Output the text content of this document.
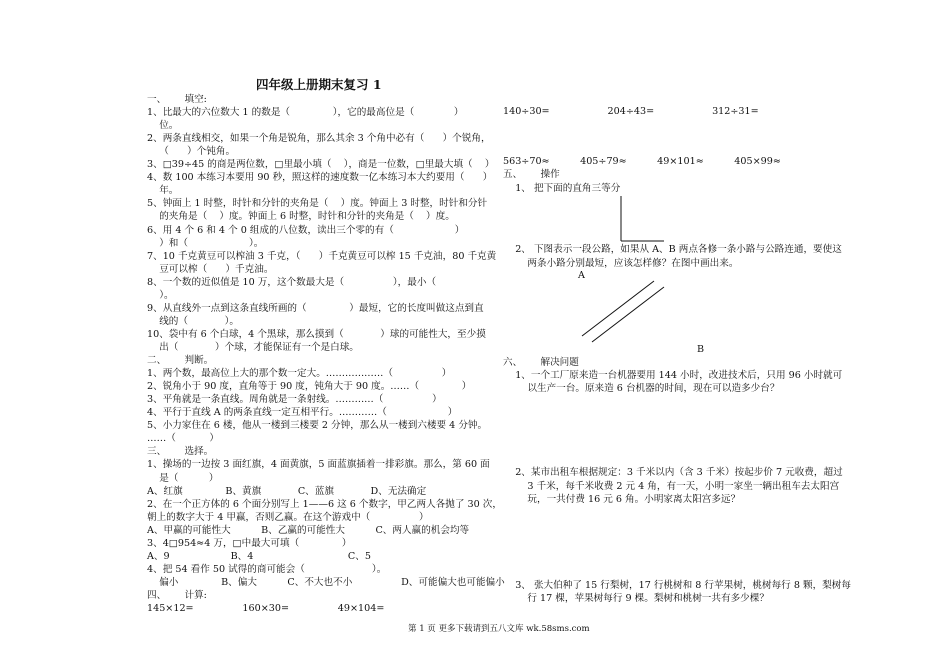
四年级上册期末复习 1
一、      填空:
1、比最大的六位数大 1 的数是（              ），它的最高位是（             ）
位。
2、两条直线相交，如果一个角是锐角，那么其余 3 个角中必有（      ）个锐角，
（      ）个钝角。
3、□39÷45 的商是两位数，□里最小填（    ），商是一位数，□里最大填（    ）
4、数 100 本练习本要用 90 秒，照这样的速度数一亿本练习本大约要用（      ）
年。
5、钟面上 1 时整，时针和分针的夹角是（    ）度。钟面上 3 时整，时针和分针
的夹角是（    ）度。钟面上 6 时整，时针和分针的夹角是（    ）度。
6、用 4 个 6 和 4 个 0 组成的八位数，读出三个零的有（                    ）
）和（                    ）。
7、10 千克黄豆可以榨油 3 千克，（      ）千克黄豆可以榨 15 千克油，80 千克黄
豆可以榨（      ）千克油。
8、一个数的近似值是 10 万，这个数最大是（                ），最小（
）。
9、从直线外一点到这条直线所画的（              ）最短，它的长度叫做这点到直
线的（            ）。
10、袋中有 6 个白球，4 个黑球，那么摸到（            ）球的可能性大，至少摸
出（            ）个球，才能保证有一个是白球。
二、      判断。
1、两个数，最高位上大的那个数一定大。………………（                ）
2、锐角小于 90 度，直角等于 90 度，钝角大于 90 度。……（              ）
3、平角就是一条直线。周角就是一条射线。…………（                ）
4、平行于直线 A 的两条直线一定互相平行。…………（                    ）
5、小力家住在 6 楼，他从一楼到三楼要 2 分钟，那么从一楼到六楼要 4 分钟。
……（           ）
三、      选择。
1、操场的一边按 3 面红旗，4 面黄旗，5 面蓝旗插着一排彩旗。那么，第 60 面
是（          ）
A、红旗              B、黄旗            C、蓝旗            D、无法确定
2、在一个正方体的 6 个面分别写上 1——6 这 6 个数字，甲乙两人各抛了 30 次，
朝上的数字大于 4 甲赢，否则乙赢。在这个游戏中（                ）
A、甲赢的可能性大          B、乙赢的可能性大          C、两人赢的机会均等
3、4□954≈4 万，□中最大可填（              ）
A、9                    B、4                               C、5
4、把 54 看作 50 试得的商可能会（                      ）。
偏小              B、偏大          C、不大也不小                D、可能偏大也可能偏小
四、      计算:
145×12=                160×30=                49×104=
140÷30=                   204÷43=                   312÷31=
563÷70≈          405÷79≈          49×101≈          405×99≈
五、      操作
1、 把下面的直角三等分
2、 下图表示一段公路，如果从 A、B 两点各修一条小路与公路连通，要使这
两条小路分别最短，应该怎样修？在图中画出来。
A
B
六、      解决问题
1、一个工厂原来造一台机器要用 144 小时，改进技术后，只用 96 小时就可
以生产一台。原来造 6 台机器的时间，现在可以造多少台？
2、某市出租车根据规定：3 千米以内（含 3 千米）按起步价 7 元收费，超过
3 千米，每千米收费 2 元 4 角，有一天，小明一家坐一辆出租车去太阳宫
玩，一共付费 16 元 6 角。小明家离太阳宫多远？
3、 张大伯种了 15 行梨树，17 行桃树和 8 行苹果树，桃树每行 8 颗，梨树每
行 17 棵，苹果树每行 9 棵。梨树和桃树一共有多少棵？
第 1 页 更多下载请到五八文库 wk.58sms.com
